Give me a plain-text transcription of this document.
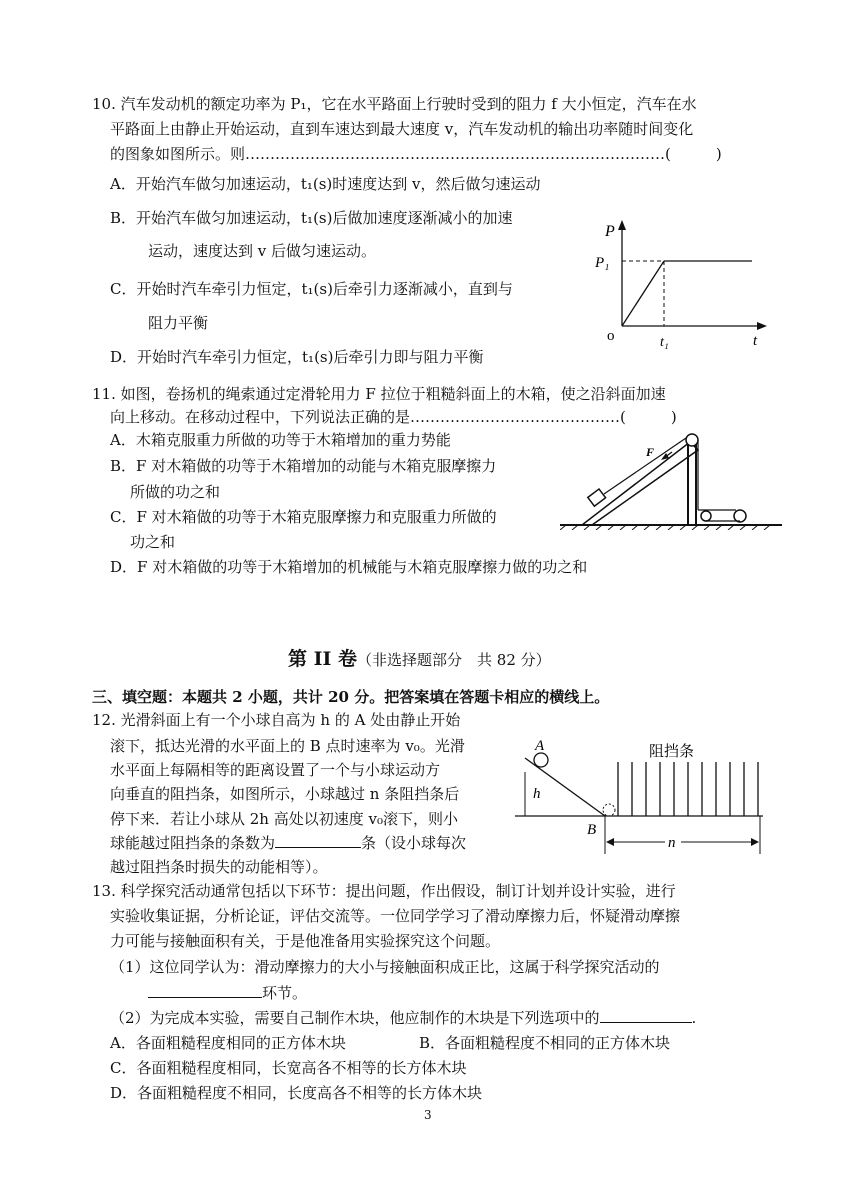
10. 汽车发动机的额定功率为 P₁，它在水平路面上行驶时受到的阻力 f 大小恒定，汽车在水
平路面上由静止开始运动，直到车速达到最大速度 v，汽车发动机的输出功率随时间变化
的图象如图所示。则…………………………………………………………………………(　　　)
A．开始汽车做匀加速运动，t₁(s)时速度达到 v，然后做匀速运动
B．开始汽车做匀加速运动，t₁(s)后做加速度逐渐减小的加速
运动，速度达到 v 后做匀速运动。
C．开始时汽车牵引力恒定，t₁(s)后牵引力逐渐减小，直到与
阻力平衡
D．开始时汽车牵引力恒定，t₁(s)后牵引力即与阻力平衡
P
P₁
o	t₁	t
11. 如图，卷扬机的绳索通过定滑轮用力 F 拉位于粗糙斜面上的木箱，使之沿斜面加速
向上移动。在移动过程中，下列说法正确的是……………………………………(　　　)
A．木箱克服重力所做的功等于木箱增加的重力势能
B．F 对木箱做的功等于木箱增加的动能与木箱克服摩擦力
所做的功之和
C．F 对木箱做的功等于木箱克服摩擦力和克服重力所做的
功之和
D．F 对木箱做的功等于木箱增加的机械能与木箱克服摩擦力做的功之和
F
第 II 卷（非选择题部分　共 82 分）
三、填空题：本题共 2 小题，共计 20 分。把答案填在答题卡相应的横线上。
12. 光滑斜面上有一个小球自高为 h 的 A 处由静止开始
滚下，抵达光滑的水平面上的 B 点时速率为 v₀。光滑
水平面上每隔相等的距离设置了一个与小球运动方
向垂直的阻挡条，如图所示，小球越过 n 条阻挡条后
停下来．若让小球从 2h 高处以初速度 v₀滚下，则小
球能越过阻挡条的条数为	条（设小球每次
越过阻挡条时损失的动能相等）。
A
h
B
阻挡条
n
13. 科学探究活动通常包括以下环节：提出问题，作出假设，制订计划并设计实验，进行
实验收集证据，分析论证，评估交流等。一位同学学习了滑动摩擦力后，怀疑滑动摩擦
力可能与接触面积有关，于是他准备用实验探究这个问题。
（1）这位同学认为：滑动摩擦力的大小与接触面积成正比，这属于科学探究活动的
环节。
（2）为完成本实验，需要自己制作木块，他应制作的木块是下列选项中的	.
A．各面粗糙程度相同的正方体木块	B．各面粗糙程度不相同的正方体木块
C．各面粗糙程度相同，长宽高各不相等的长方体木块
D．各面粗糙程度不相同，长度高各不相等的长方体木块
3
